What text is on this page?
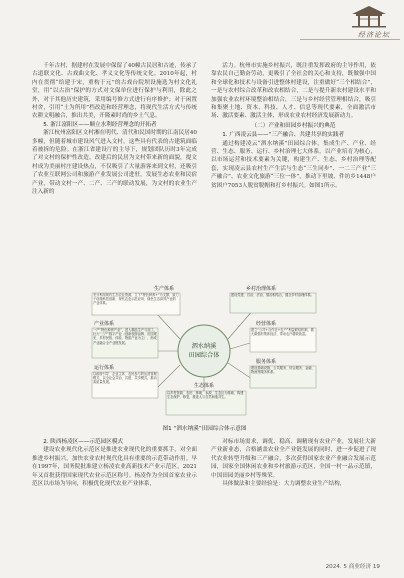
经济论坛

千年古村，据建村在发展中保留了40幢古民居和古迹，传承了古道联文化、古戏曲文化、孝义文化等传统文化。2010年起，村内在贯彻“给建于宋，重构于元”的古戏台院坝设施选为村文化礼堂，用“以古治”保护的方式对文保单位进行保护与利用，除此之外，对于其他历史建筑，采用编号修方式进行有序修护；对于闲置村舍，引用“土为所用”档改造和经营理念，将现代生活方式与传统农耕文明融合，推出共美，开隆素时尚的乡土气息。

5. 浙江富阳区——顺立水利经营理念的开拓者

浙江杭州富阳区文村湘在明代、清代和民国时期的江南民居40多幢，但随着城市建设风气进入文村，这些具有代表的古建筑面临着被拆的危险。在浙江省建设厅的主导下，规划团队历时3年完成了对文村的保护性改造。改建后的民居为文村带来新的面貌，提文村成为美丽村庄建设热点，不仅吸引了大量游客来到文村，还吸引了农业互联网公司和旅游产业发展公司进驻，发展生态农业和民宿产业，带动文村一产、二产、三产的联动发展，为文村的农业生产注入新的

活力。杭州市实施乡村振兴，既注重发挥政府的主导作用，依靠农民自己勤奋劳动，更吸引了全社会的关心和支持，既做强中国和全球化和技术与设备引进整体村建设，注重做好“三个相结合”，一是与农村综合改革和改农相结合，二是与提升新农村建设水平和加强农业农村环境整治相结合，三是与乡村经营管理相结合，吸引和集聚土地、资本、科技、人才、信息等现代要素，全面激活市场、激活要素、激活主体，形成农业农村经济发展新动力。

（二）产业和田园乡村振兴的典范

1. 广西凌云县——“三产融合、共建共享的实践者

通过构建凌云“泗水纳溪”田园综合体，集成生产、产业、经营、生态、服务、运行、乡村治理七大体系，以产业培育为核心，以市场运营和技术要素为关键，构建生产、生态、乡村治理等配套，实现凌云县农村生产生活与生态“三生同步”、一二三产业“三产融合”、农业文化旅游“三位一体”，推动下里坡、件坊乡1448户贫困户7053人脱贫脱帽和打乡村振兴。如图1所示。

泗水纳溪
田园综合体
生产体系
充分利用现有生态农业资源，立下“特色种养+”为支撑，致力于设施科技创新、现代农业示范应用、绿色生态高效产业的产业体系。
乡村治理体系
建设党建、自治、法治、德治相结合，健全乡村治理体系。
产业体系
一产“特色种养产业”，进入精品生产与加工，壮大“三产”数字产业（创新旅游品牌、田园观光、乡村民宿、体验、物质产业为主），形成产业融合全产业链发展。
经营体系
建立“公司+合作社+农户”利益联结机制，做大做强村集体经济，带动农户增收致富。
服务体系
建设基础设施、公共服务、综合服务、金融、物流等服务体系。
运行体系
以政府引导、企业主体、农民参与的运营管理模式，以全社会共治、共建、共享模式，推动高质量发展。
生态体系
以乡村资源、农田、林地、水源、生态区为基础，构建生态保护、修复，推进人与自然和谐共生。
图1 “泗水纳溪”田园综合体示意图

2. 陕西杨凌区——示范园区模式

建设农业现代化示范区是推进农业现代化的重要抓手，对全面推进乡村振兴，加快农业农村现代化具有重要的示范带动作用。早在1997年，国务院批准建立杨凌农业高新技术产业示范区，2021年又首批获得国家现代农业示范区称号。杨凌作为全国首家农业示范区以市场为导向，积极优化现代农业产业体系，

对标市场需求，调优、稳高、调精现有农业产业，发展壮大新产业新业态，合格涵盖农业全产业链发展的同时，进一步促进了现代农业转型升级和三产融合，多次获得国家农业产业融合发展示范园，国家全国休闲农业和乡村旅游示范区，全国一村一品示范镇，中国田园美丽乡村等殊荣。

具体做法和主要经验是：大力调整农业生产结构，

2024. 5 商业经济 19
